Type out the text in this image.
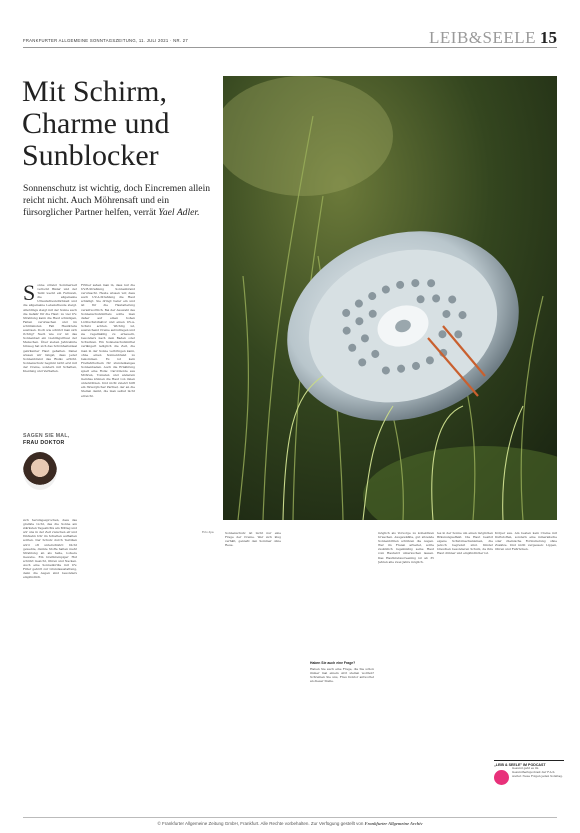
FRANKFURTER ALLGEMEINE SONNTAGSZEITUNG, 11. JULI 2021 · NR. 27	LEIB&SEELE 15
Mit Schirm, Charme und Sunblocker
Sonnenschutz ist wichtig, doch Eincremen allein reicht nicht. Auch Möhrensaft und ein fürsorglicher Partner helfen, verrät Yael Adler.
Foto dpa
S onne strand Sommerzeit verlockt Bäder und der Teint weckt ein Fernweh, die allgemeine Urlaubsfreundlichkeit und die allgemeine Lebensfreude steigt. Allerdings steigt mit der Sonne auch die Gefahr für die Haut: zu viel UV-Strahlung kann die Haut schädigen, Falten verursachen und im schlimmsten Fall Hautkrebs auslösen. Doch wie schützt man sich richtig? Nach wie vor ist das Sonnenbad ein Lieblingsritual der Menschen. Über sieben Jahrzehnte hinweg hat sich das Schönheitsideal gebräunter Haut gehalten. Dabei wissen wir längst, dass jeder Sonnenbrand das Risiko erhöht. Sonnenschutz beginnt nicht erst mit der Creme, sondern mit Schatten, Kleidung und Verhalten.
SAGEN SIE MAL,
FRAU DOKTOR
sich herumgesprochen, dass das grellste Licht, das die Sonne am stärksten Tageslichts am Mittag und wir uns in der Zeit zwischen elf und fünfzehn Uhr im Schatten aufhalten sollten. Der Schutz durch Textilien wird oft unterschätzt: Dicht gewebte, dunkle Stoffe halten mehr Strahlung ab als helle, lockere Gewebe. Ein breitkrempiger Hut schützt Gesicht, Ohren und Nacken. Auch eine Sonnenbrille mit UV-Filter gehört zur Grundausstattung, denn die Augen sind besonders empfindlich.
Früher sahen man in, dass nur die UV-B-Strahlung Sonnenbrand verursacht. Heute wissen wir, dass auch UV-A-Strahlung die Haut schädigt. Sie dringt tiefer ein und ist für die Hautalterung verantwortlich. Bei der Auswahl des Sonnenschutzmittels sollte man daher auf einen hohen Lichtschutzfaktor und einen UV-A-Schutz achten. Wichtig ist, ausreichend Creme aufzutragen und sie regelmäßig zu erneuern, besonders nach dem Baden oder Schwitzen. Ein Sonnenschutzmittel verlängert lediglich die Zeit, die man in der Sonne verbringen kann, ohne einen Sonnenbrand zu bekommen. Es ist kein Freifahrtschein für stundenlanges Sonnenbaden. Auch die Ernährung spielt eine Rolle: Carotinoide aus Möhren, Tomaten und anderem Gemüse können die Haut von innen unterstützen. Und nicht zuletzt hilft ein fürsorglicher Partner, der an die Stellen denkt, die man selbst nicht erreicht.
Sonnenschutz ist nicht nur eine Frage der Creme. Wer sich klug verhält, genießt den Sommer ohne Reue.
Haben Sie auch eine Frage?
Haben Sie auch eine Frage, die Sie schon immer mal einem Arzt stellen wollten? Schreiben Sie uns, Frau Doktor antwortet an dieser Stelle.
möglich als Vorsorge zu kollektiven Ursachen. Ausgewählte, gut sitzende Sonnenbrillen schützen die Augen. Wer im Freien arbeitet, sollte zusätzlich regelmäßig seine Haut vom Hautarzt untersuchen lassen. Das Hautkrebsscreening ist ab 35 Jahren alle zwei Jahre möglich.
tes in der Sonne um einen möglichen Bräunungseffekt. Die Haut besitzt eigene Schutzmechanismen, die jedoch begrenzt sind. Kinder brauchen besonderen Schutz, da ihre Haut dünner und empfindlicher ist.
Körper aus. Am besten kein Creme mit Duftstoffen, sondern eine mineralische oder chemische Formulierung ohne Zusätze. Und nicht vergessen: Lippen, Ohren und Fußrücken.
„LEIB & SEELE" IM PODCAST
Gesund geht es im Gesundheitspodcast der F.A.S. weiter. Neue Folgen jeden Sonntag.
© Frankfurter Allgemeine Zeitung GmbH, Frankfurt. Alle Rechte vorbehalten. Zur Verfügung gestellt von Frankfurter Allgemeine Archiv
